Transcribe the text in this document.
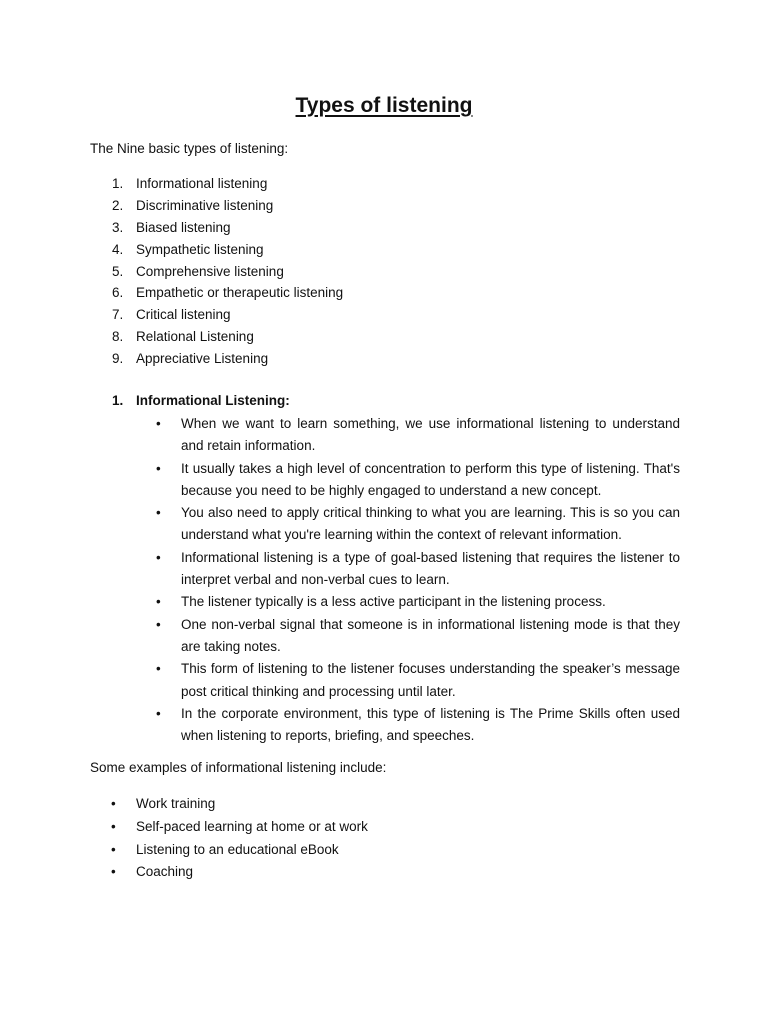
Types of listening
The Nine basic types of listening:
1. Informational listening
2. Discriminative listening
3. Biased listening
4. Sympathetic listening
5. Comprehensive listening
6. Empathetic or therapeutic listening
7. Critical listening
8. Relational Listening
9. Appreciative Listening
1. Informational Listening:
• When we want to learn something, we use informational listening to understand and retain information.
• It usually takes a high level of concentration to perform this type of listening. That's because you need to be highly engaged to understand a new concept.
• You also need to apply critical thinking to what you are learning. This is so you can understand what you're learning within the context of relevant information.
• Informational listening is a type of goal-based listening that requires the listener to interpret verbal and non-verbal cues to learn.
• The listener typically is a less active participant in the listening process.
• One non-verbal signal that someone is in informational listening mode is that they are taking notes.
• This form of listening to the listener focuses understanding the speaker’s message post critical thinking and processing until later.
• In the corporate environment, this type of listening is The Prime Skills often used when listening to reports, briefing, and speeches.
Some examples of informational listening include:
• Work training
• Self-paced learning at home or at work
• Listening to an educational eBook
• Coaching
